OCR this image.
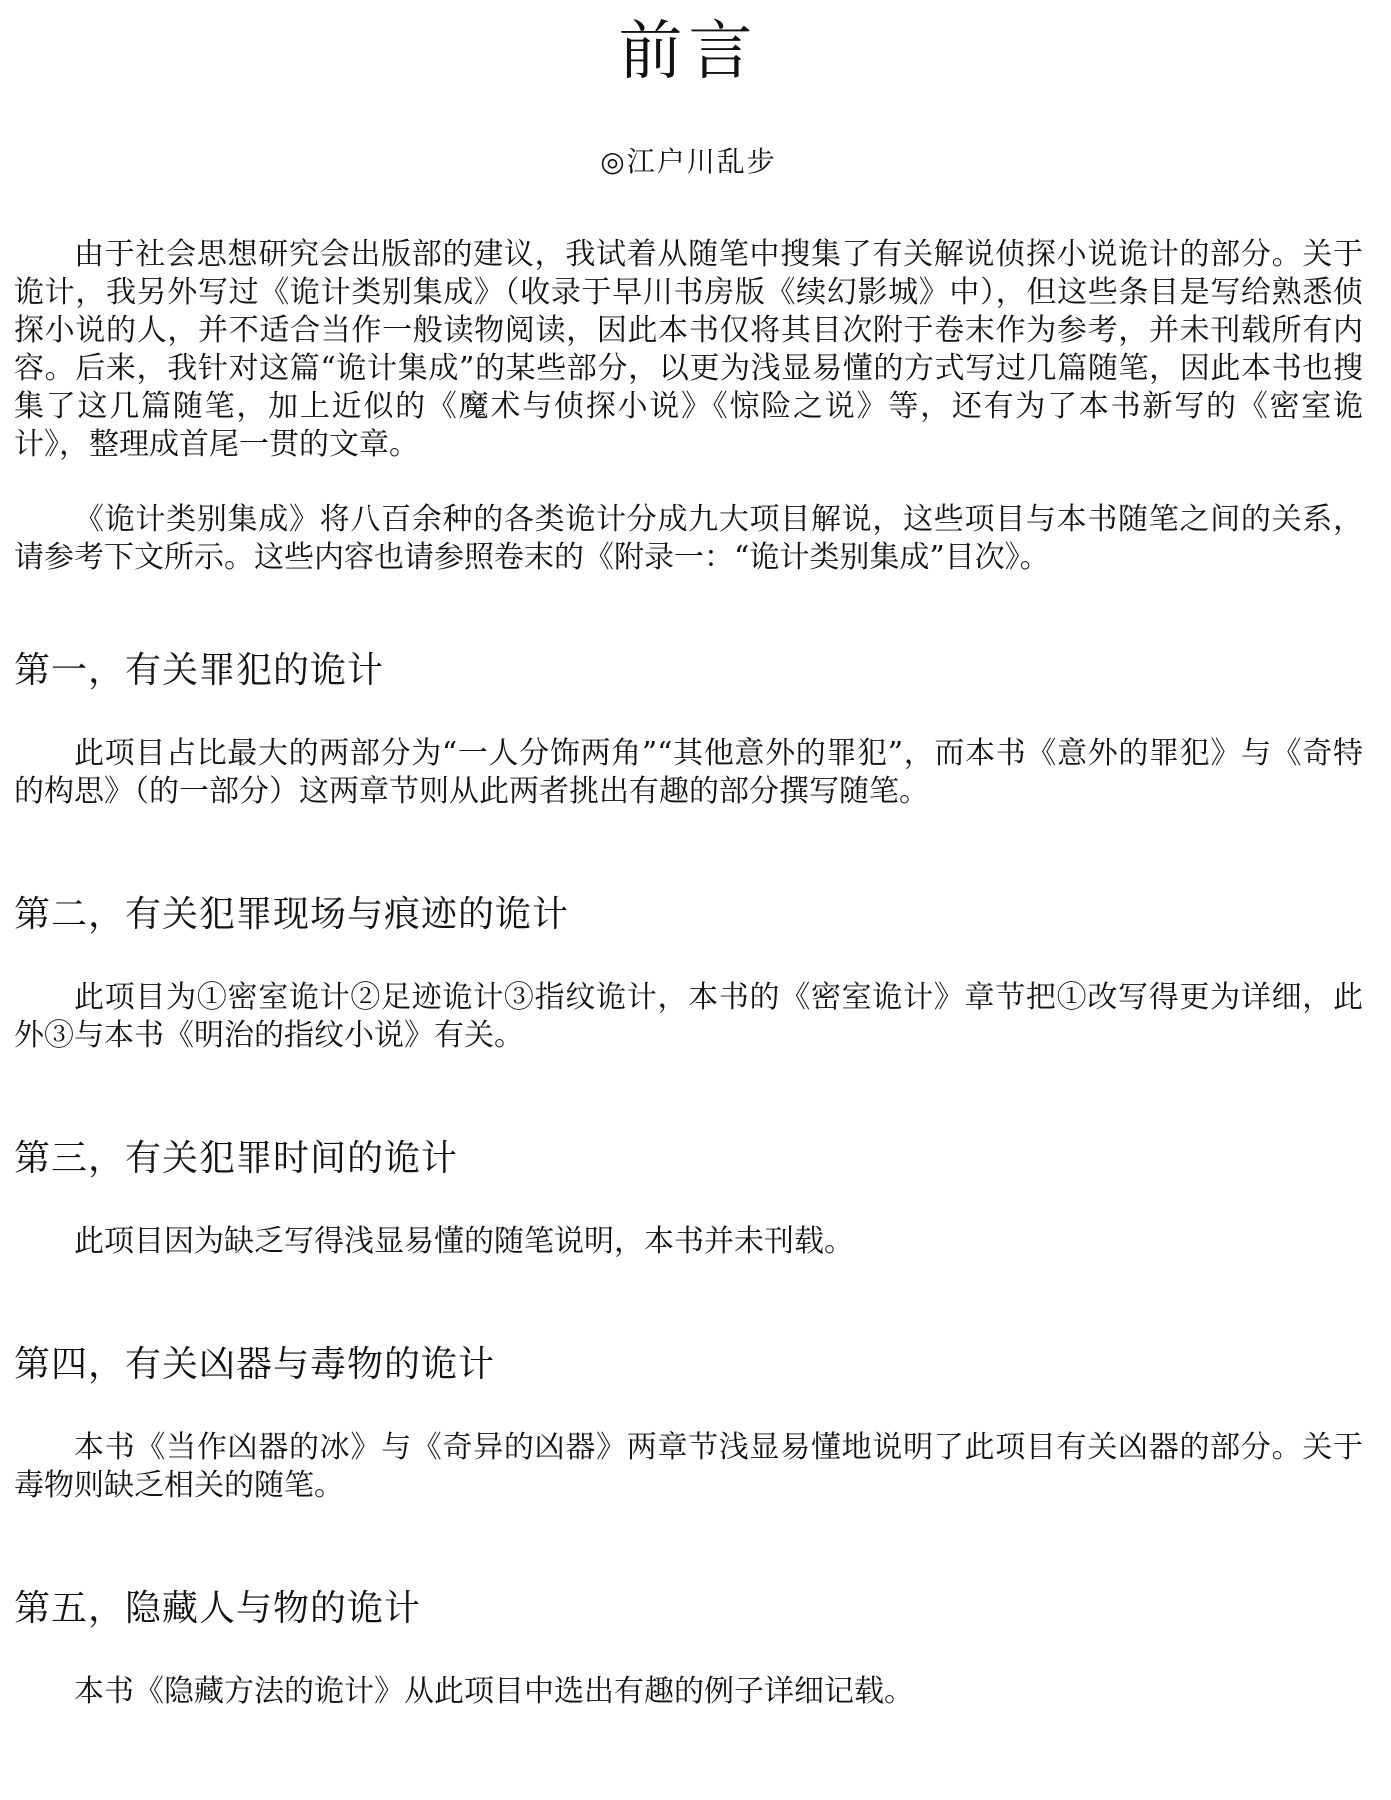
前言
◎江户川乱步

由于社会思想研究会出版部的建议，我试着从随笔中搜集了有关解说侦探小说诡计的部分。关于诡计，我另外写过《诡计类别集成》（收录于早川书房版《续幻影城》中），但这些条目是写给熟悉侦探小说的人，并不适合当作一般读物阅读，因此本书仅将其目次附于卷末作为参考，并未刊载所有内容。后来，我针对这篇“诡计集成”的某些部分，以更为浅显易懂的方式写过几篇随笔，因此本书也搜集了这几篇随笔，加上近似的《魔术与侦探小说》《惊险之说》等，还有为了本书新写的《密室诡计》，整理成首尾一贯的文章。

《诡计类别集成》将八百余种的各类诡计分成九大项目解说，这些项目与本书随笔之间的关系，请参考下文所示。这些内容也请参照卷末的《附录一：“诡计类别集成”目次》。

第一，有关罪犯的诡计

此项目占比最大的两部分为“一人分饰两角”“其他意外的罪犯”，而本书《意外的罪犯》与《奇特的构思》（的一部分）这两章节则从此两者挑出有趣的部分撰写随笔。

第二，有关犯罪现场与痕迹的诡计

此项目为①密室诡计②足迹诡计③指纹诡计，本书的《密室诡计》章节把①改写得更为详细，此外③与本书《明治的指纹小说》有关。

第三，有关犯罪时间的诡计

此项目因为缺乏写得浅显易懂的随笔说明，本书并未刊载。

第四，有关凶器与毒物的诡计

本书《当作凶器的冰》与《奇异的凶器》两章节浅显易懂地说明了此项目有关凶器的部分。关于毒物则缺乏相关的随笔。

第五，隐藏人与物的诡计

本书《隐藏方法的诡计》从此项目中选出有趣的例子详细记载。
